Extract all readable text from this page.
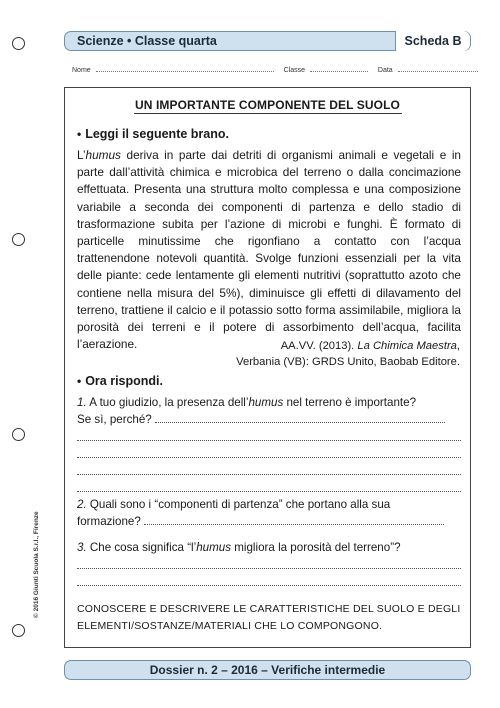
Scienze • Classe quarta	Scheda B
Nome	Classe	Data
© 2016 Giunti Scuola S.r.l., Firenze
UN IMPORTANTE COMPONENTE DEL SUOLO
• Leggi il seguente brano.

L’humus deriva in parte dai detriti di organismi animali e vegetali e in parte dall’attività chimica e microbica del terreno o dalla concimazione effettuata. Presenta una struttura molto complessa e una composizione variabile a seconda dei componenti di partenza e dello stadio di trasformazione subita per l’azione di microbi e funghi. È formato di particelle minutissime che rigonfiano a contatto con l’acqua trattenendone notevoli quantità. Svolge funzioni essenziali per la vita delle piante: cede lentamente gli elementi nutritivi (soprattutto azoto che contiene nella misura del 5%), diminuisce gli effetti di dilavamento del terreno, trattiene il calcio e il potassio sotto forma assimilabile, migliora la porosità dei terreni e il potere di assorbimento dell’acqua, facilita l’aerazione.	AA.VV. (2013). La Chimica Maestra,
Verbania (VB): GRDS Unito, Baobab Editore.
• Ora rispondi.
1. A tuo giudizio, la presenza dell’humus nel terreno è importante?
Se sì, perché?
2. Quali sono i “componenti di partenza” che portano alla sua
formazione?
3. Che cosa significa “l’humus migliora la porosità del terreno”?
CONOSCERE E DESCRIVERE LE CARATTERISTICHE DEL SUOLO E DEGLI ELEMENTI/SOSTANZE/MATERIALI CHE LO COMPONGONO.
Dossier n. 2 – 2016 – Verifiche intermedie
